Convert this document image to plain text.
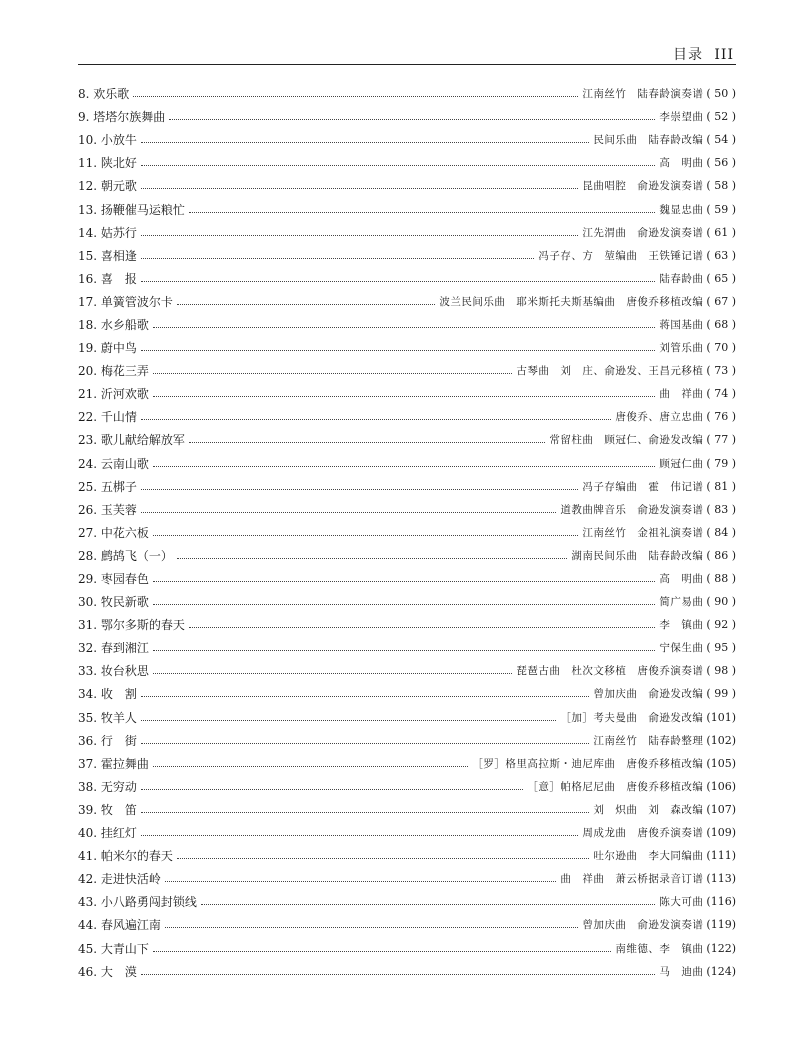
目录 III
8. 欢乐歌	江南丝竹　陆春龄演奏谱 ( 50 )
9. 塔塔尔族舞曲	李崇望曲 ( 52 )
10. 小放牛	民间乐曲　陆春龄改编 ( 54 )
11. 陕北好	高　明曲 ( 56 )
12. 朝元歌	昆曲唱腔　俞逊发演奏谱 ( 58 )
13. 扬鞭催马运粮忙	魏显忠曲 ( 59 )
14. 姑苏行	江先渭曲　俞逊发演奏谱 ( 61 )
15. 喜相逢	冯子存、方　堃编曲　王铁锤记谱 ( 63 )
16. 喜　报	陆春龄曲 ( 65 )
17. 单簧管波尔卡	波兰民间乐曲　耶米斯托夫斯基编曲　唐俊乔移植改编 ( 67 )
18. 水乡船歌	蒋国基曲 ( 68 )
19. 蔚中鸟	刘管乐曲 ( 70 )
20. 梅花三弄	古琴曲　刘　庄、俞逊发、王昌元移植 ( 73 )
21. 沂河欢歌	曲　祥曲 ( 74 )
22. 千山情	唐俊乔、唐立忠曲 ( 76 )
23. 歌儿献给解放军	常留柱曲　顾冠仁、俞逊发改编 ( 77 )
24. 云南山歌	顾冠仁曲 ( 79 )
25. 五梆子	冯子存编曲　霍　伟记谱 ( 81 )
26. 玉芙蓉	道教曲牌音乐　俞逊发演奏谱 ( 83 )
27. 中花六板	江南丝竹　金祖礼演奏谱 ( 84 )
28. 鹧鸪飞（一）	湖南民间乐曲　陆春龄改编 ( 86 )
29. 枣园春色	高　明曲 ( 88 )
30. 牧民新歌	简广易曲 ( 90 )
31. 鄂尔多斯的春天	李　镇曲 ( 92 )
32. 春到湘江	宁保生曲 ( 95 )
33. 妆台秋思	琵琶古曲　杜次文移植　唐俊乔演奏谱 ( 98 )
34. 收　割	曾加庆曲　俞逊发改编 ( 99 )
35. 牧羊人	［加］考夫曼曲　俞逊发改编 (101)
36. 行　街	江南丝竹　陆春龄整理 (102)
37. 霍拉舞曲	［罗］格里高拉斯・迪尼库曲　唐俊乔移植改编 (105)
38. 无穷动	［意］帕格尼尼曲　唐俊乔移植改编 (106)
39. 牧　笛	刘　炽曲　刘　森改编 (107)
40. 挂红灯	周成龙曲　唐俊乔演奏谱 (109)
41. 帕米尔的春天	吐尔逊曲　李大同编曲 (111)
42. 走进快活岭	曲　祥曲　萧云桥据录音订谱 (113)
43. 小八路勇闯封锁线	陈大可曲 (116)
44. 春风遍江南	曾加庆曲　俞逊发演奏谱 (119)
45. 大青山下	南维德、李　镇曲 (122)
46. 大　漠	马　迪曲 (124)
